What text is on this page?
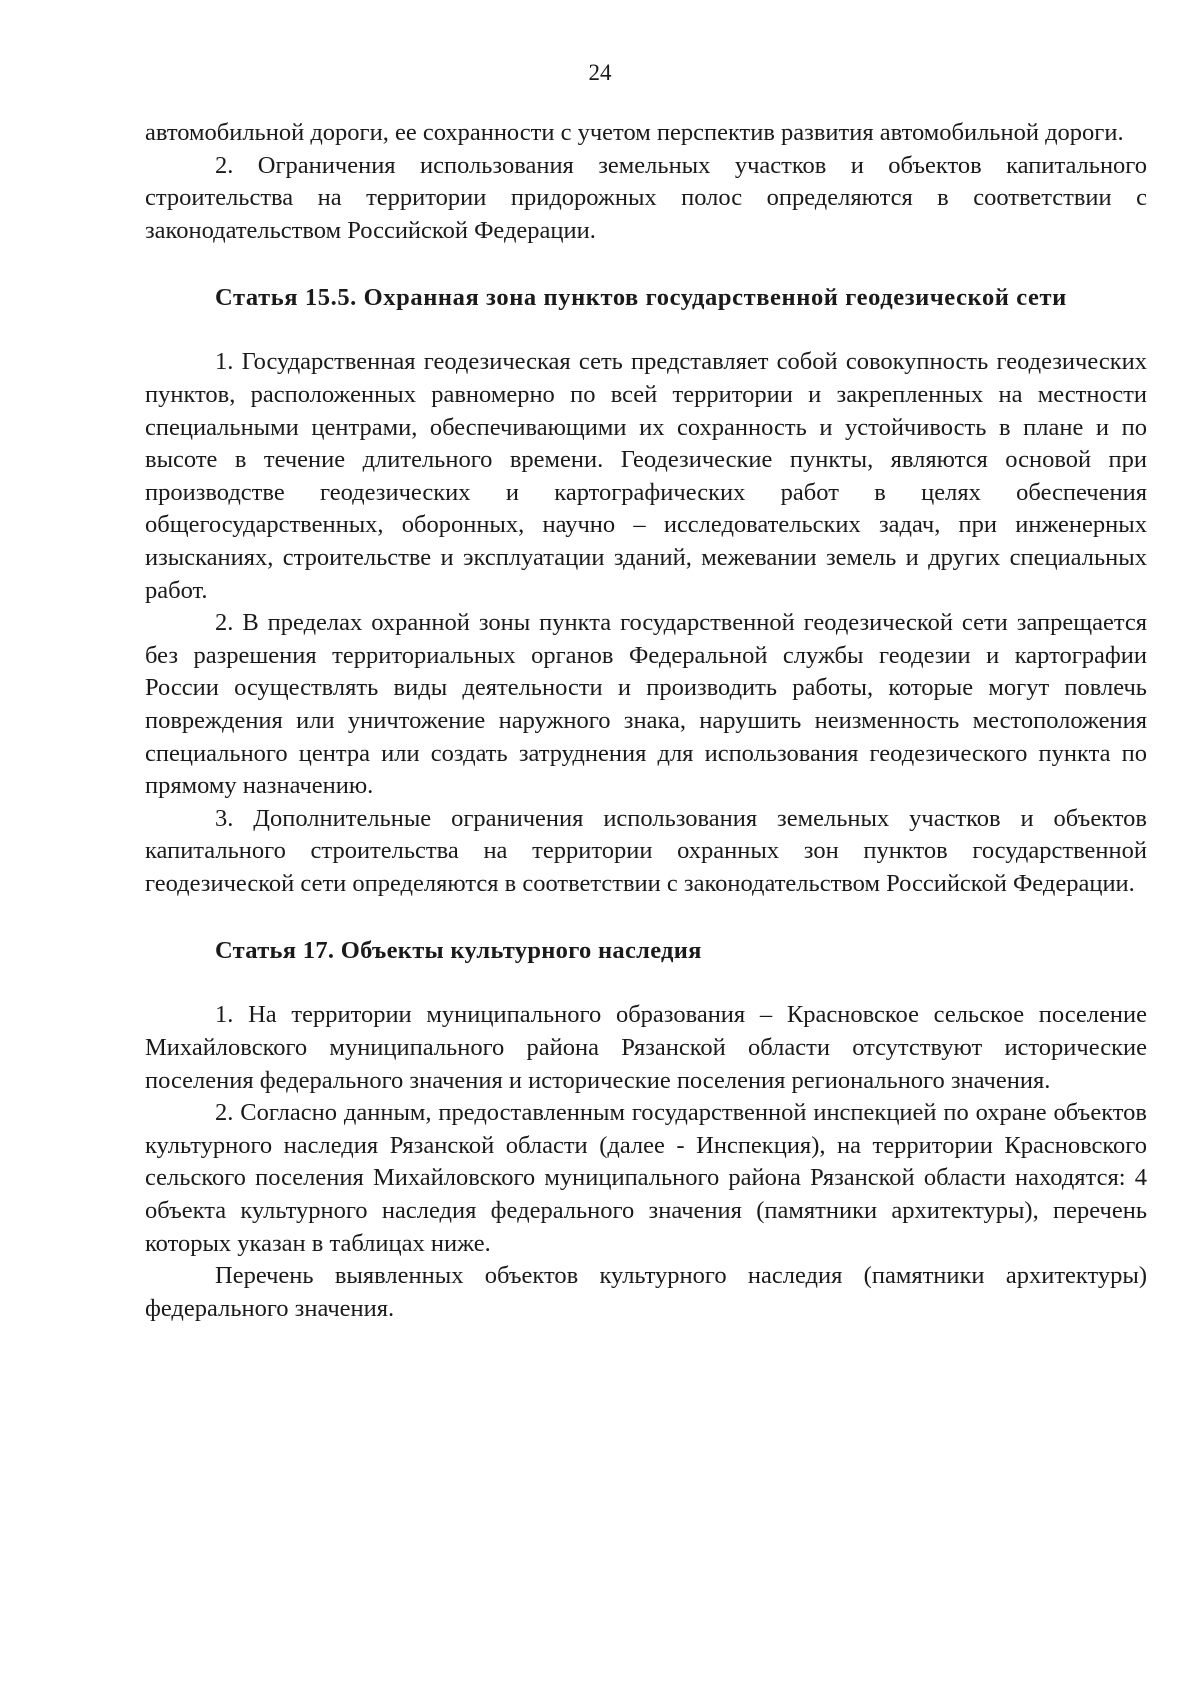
24

автомобильной дороги, ее сохранности с учетом перспектив развития автомобильной дороги.

2. Ограничения использования земельных участков и объектов капитального строительства на территории придорожных полос определяются в соответствии с законодательством Российской Федерации.

Статья 15.5. Охранная зона пунктов государственной геодезической сети

1. Государственная геодезическая сеть представляет собой совокупность геодезических пунктов, расположенных равномерно по всей территории и закрепленных на местности специальными центрами, обеспечивающими их сохранность и устойчивость в плане и по высоте в течение длительного времени. Геодезические пункты, являются основой при производстве геодезических и картографических работ в целях обеспечения общегосударственных, оборонных, научно – исследовательских задач, при инженерных изысканиях, строительстве и эксплуатации зданий, межевании земель и других специальных работ.

2. В пределах охранной зоны пункта государственной геодезической сети запрещается без разрешения территориальных органов Федеральной службы геодезии и картографии России осуществлять виды деятельности и производить работы, которые могут повлечь повреждения или уничтожение наружного знака, нарушить неизменность местоположения специального центра или создать затруднения для использования геодезического пункта по прямому назначению.

3. Дополнительные ограничения использования земельных участков и объектов капитального строительства на территории охранных зон пунктов государственной геодезической сети определяются в соответствии с законодательством Российской Федерации.

Статья 17. Объекты культурного наследия

1. На территории муниципального образования – Красновское сельское поселение Михайловского муниципального района Рязанской области отсутствуют исторические поселения федерального значения и исторические поселения регионального значения.

2. Согласно данным, предоставленным государственной инспекцией по охране объектов культурного наследия Рязанской области (далее - Инспекция), на территории Красновского сельского поселения Михайловского муниципального района Рязанской области находятся: 4 объекта культурного наследия федерального значения (памятники архитектуры), перечень которых указан в таблицах ниже.

Перечень выявленных объектов культурного наследия (памятники архитектуры) федерального значения.
